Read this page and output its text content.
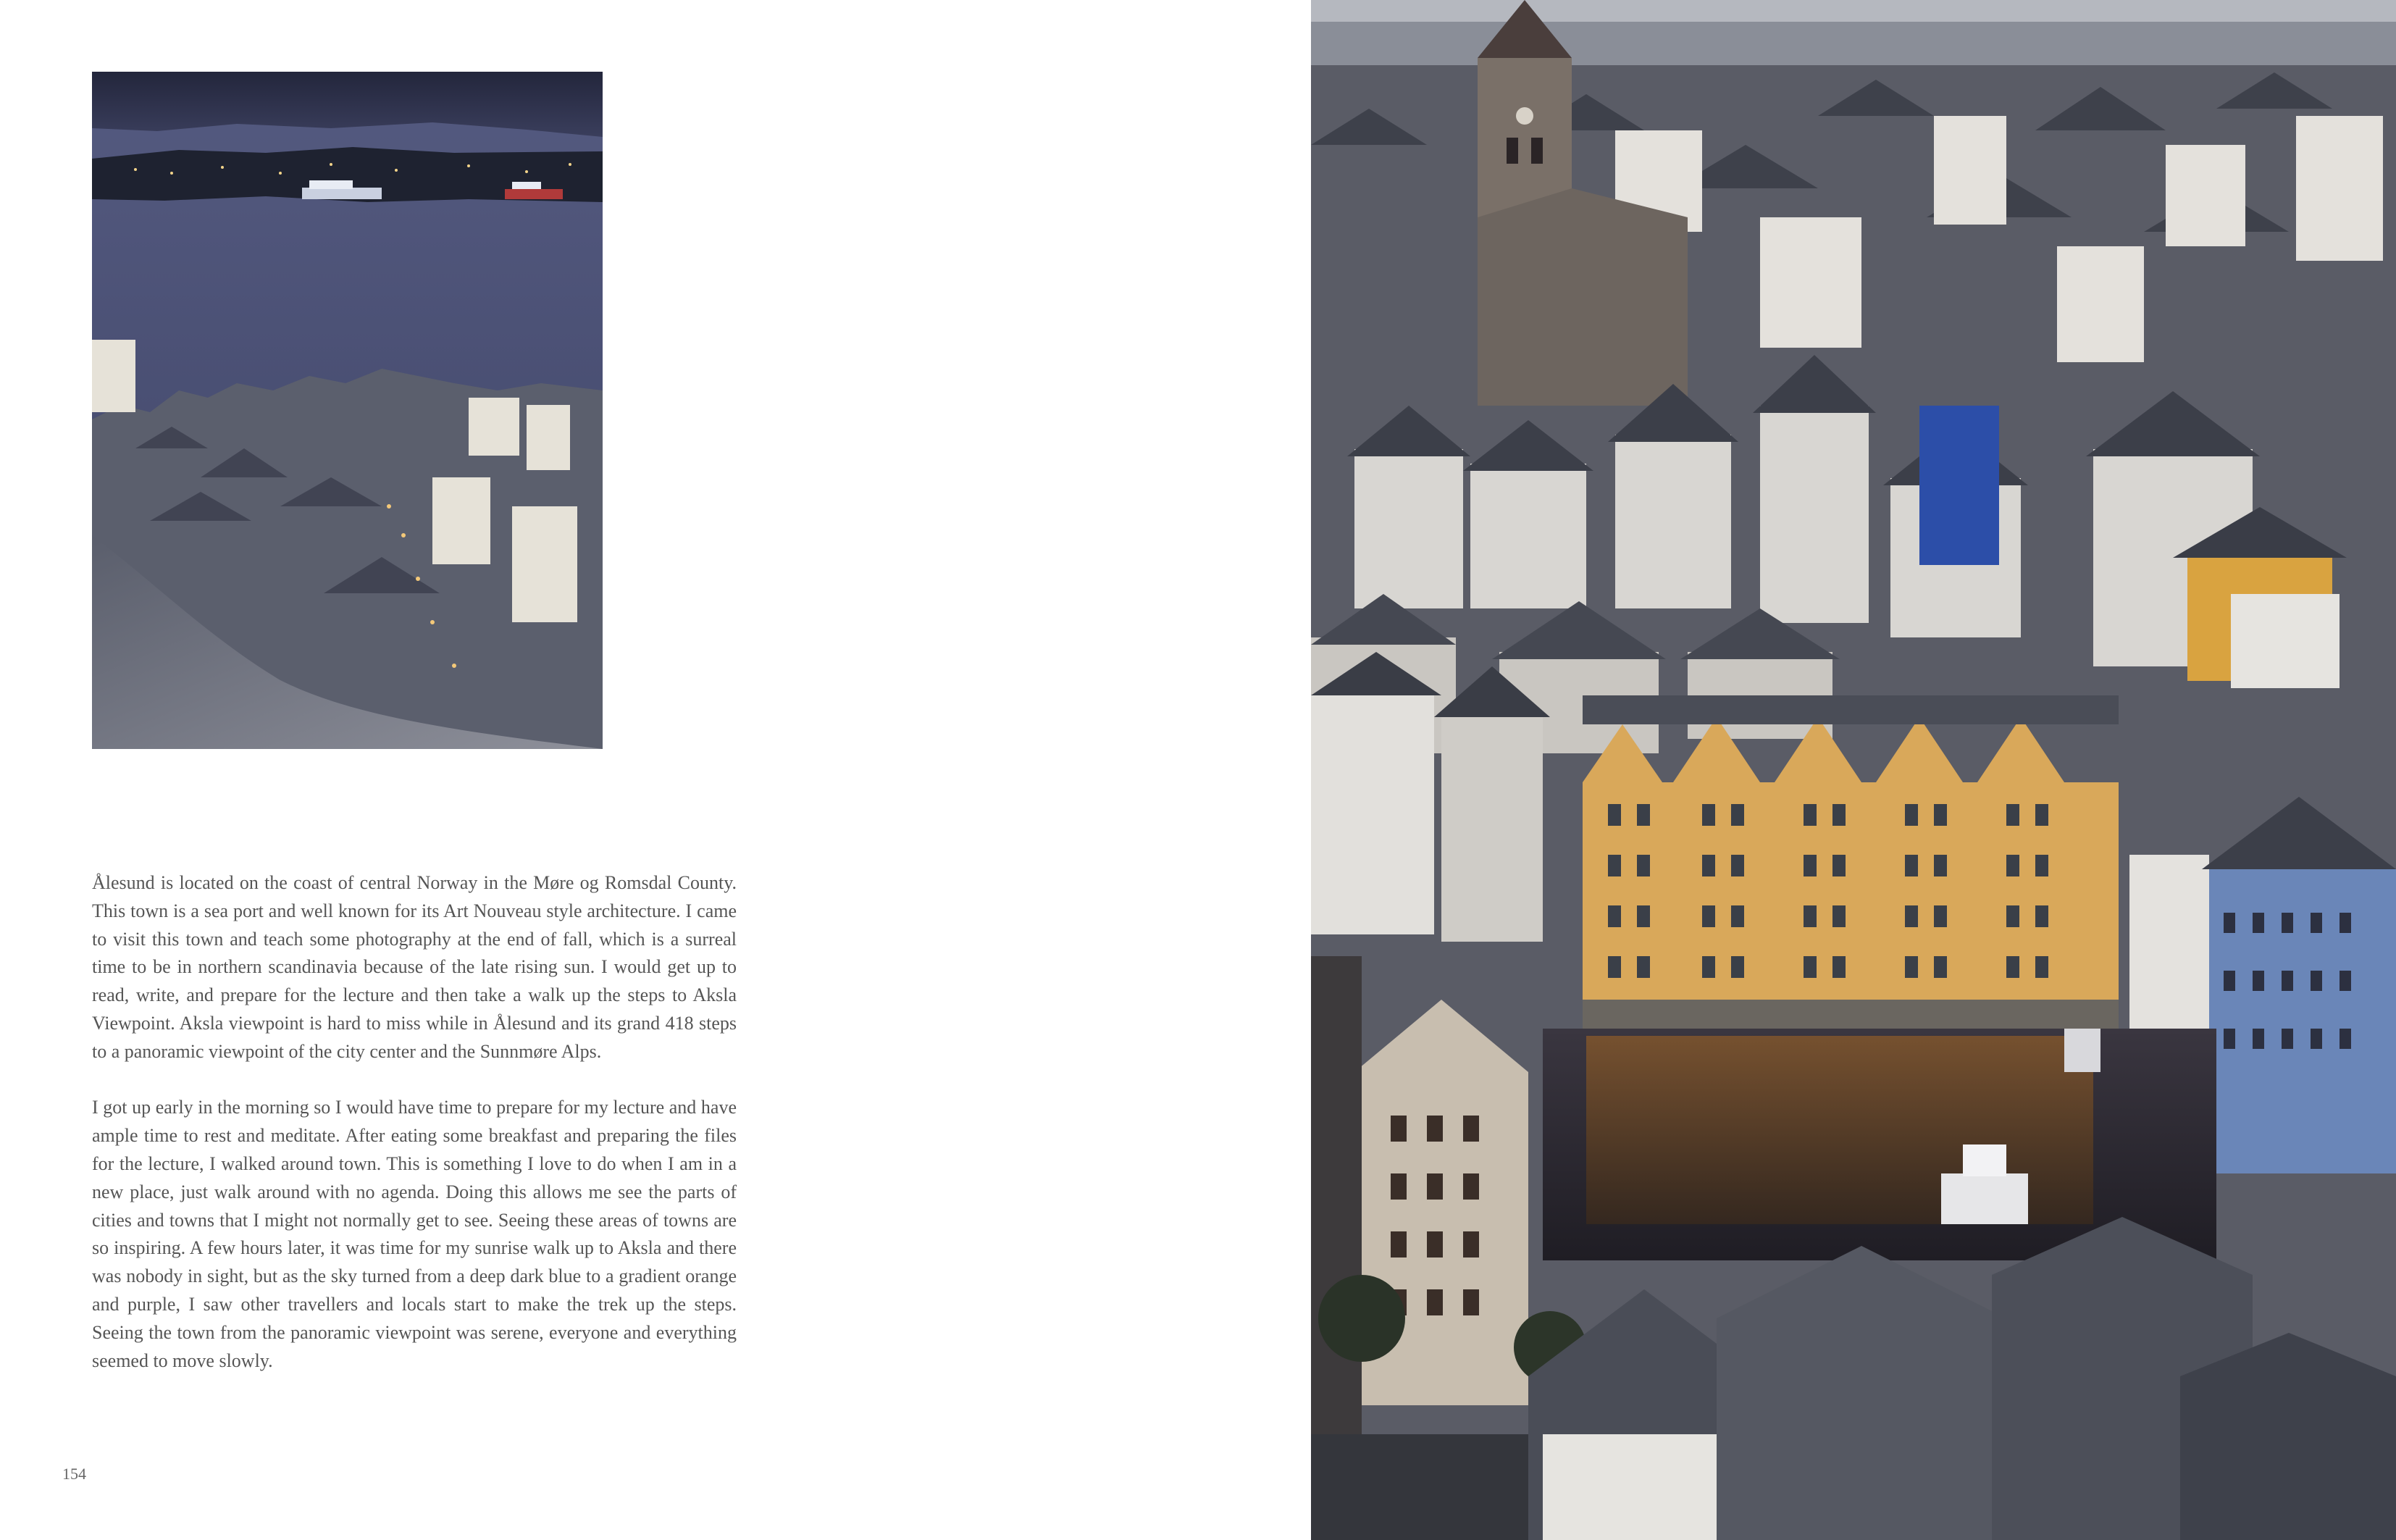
Ålesund is located on the coast of central Norway in the Møre og Romsdal County. This town is a sea port and well known for its Art Nouveau style architecture. I came to visit this town and teach some photography at the end of fall, which is a surreal time to be in northern scandinavia because of the late rising sun. I would get up to read, write, and prepare for the lecture and then take a walk up the steps to Aksla Viewpoint. Aksla viewpoint is hard to miss while in Ålesund and its grand 418 steps to a panoramic viewpoint of the city center and the Sunnmøre Alps.

I got up early in the morning so I would have time to prepare for my lecture and have ample time to rest and meditate. After eating some breakfast and preparing the files for the lecture, I walked around town. This is something I love to do when I am in a new place, just walk around with no agenda. Doing this allows me see the parts of cities and towns that I might not normally get to see. Seeing these areas of towns are so inspiring. A few hours later, it was time for my sunrise walk up to Aksla and there was nobody in sight, but as the sky turned from a deep dark blue to a gradient orange and purple, I saw other travellers and locals start to make the trek up the steps. Seeing the town from the panoramic viewpoint was serene, everyone and everything seemed to move slowly.

154
